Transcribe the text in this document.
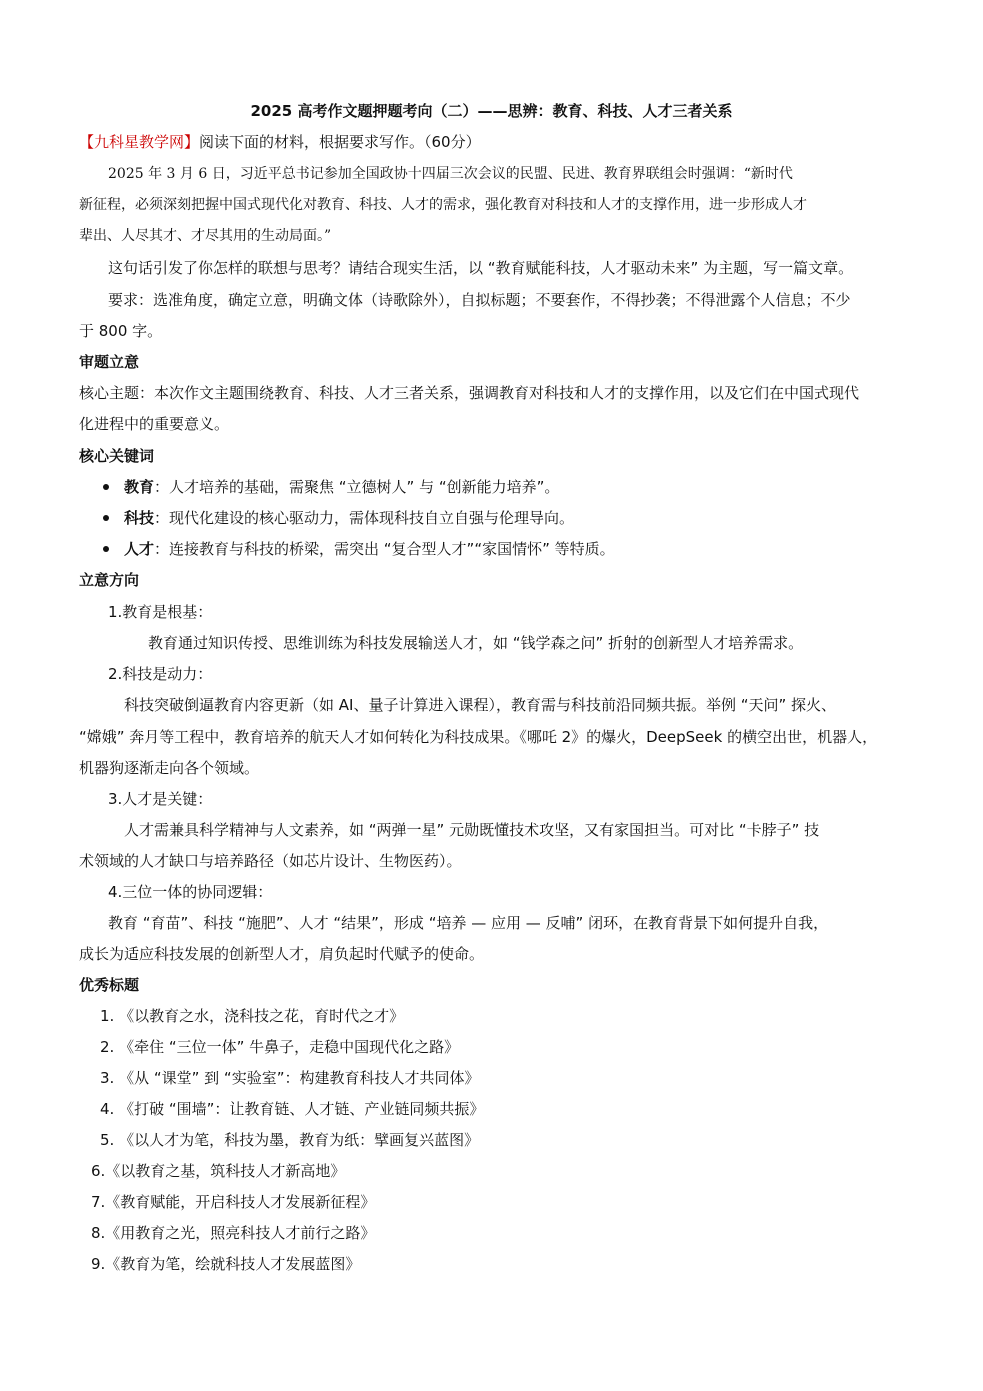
2025 高考作文题押题考向（二）——思辨：教育、科技、人才三者关系
【九科星教学网】阅读下面的材料，根据要求写作。（60分）
2025 年 3 月 6 日，习近平总书记参加全国政协十四届三次会议的民盟、民进、教育界联组会时强调：“新时代
新征程，必须深刻把握中国式现代化对教育、科技、人才的需求，强化教育对科技和人才的支撑作用，进一步形成人才
辈出、人尽其才、才尽其用的生动局面。”
这句话引发了你怎样的联想与思考？请结合现实生活，以 “教育赋能科技，人才驱动未来” 为主题，写一篇文章。
要求：选准角度，确定立意，明确文体（诗歌除外），自拟标题；不要套作，不得抄袭；不得泄露个人信息；不少
于 800 字。
审题立意
核心主题：本次作文主题围绕教育、科技、人才三者关系，强调教育对科技和人才的支撑作用，以及它们在中国式现代
化进程中的重要意义。
核心关键词
教育：人才培养的基础，需聚焦 “立德树人” 与 “创新能力培养”。
科技：现代化建设的核心驱动力，需体现科技自立自强与伦理导向。
人才：连接教育与科技的桥梁，需突出 “复合型人才”“家国情怀” 等特质。
立意方向
1.教育是根基：
教育通过知识传授、思维训练为科技发展输送人才，如 “钱学森之问” 折射的创新型人才培养需求。
2.科技是动力：
科技突破倒逼教育内容更新（如 AI、量子计算进入课程），教育需与科技前沿同频共振。举例 “天问” 探火、
“嫦娥” 奔月等工程中，教育培养的航天人才如何转化为科技成果。《哪吒 2》的爆火，DeepSeek 的横空出世，机器人，
机器狗逐渐走向各个领域。
3.人才是关键：
人才需兼具科学精神与人文素养，如 “两弹一星” 元勋既懂技术攻坚，又有家国担当。可对比 “卡脖子” 技
术领域的人才缺口与培养路径（如芯片设计、生物医药）。
4.三位一体的协同逻辑：
教育 “育苗”、科技 “施肥”、人才 “结果”，形成 “培养 — 应用 — 反哺” 闭环，在教育背景下如何提升自我，
成长为适应科技发展的创新型人才，肩负起时代赋予的使命。
优秀标题
1. 《以教育之水，浇科技之花，育时代之才》
2. 《牵住 “三位一体” 牛鼻子，走稳中国现代化之路》
3. 《从 “课堂” 到 “实验室”：构建教育科技人才共同体》
4. 《打破 “围墙”：让教育链、人才链、产业链同频共振》
5. 《以人才为笔，科技为墨，教育为纸：擘画复兴蓝图》
6.《以教育之基，筑科技人才新高地》
7.《教育赋能，开启科技人才发展新征程》
8.《用教育之光，照亮科技人才前行之路》
9.《教育为笔，绘就科技人才发展蓝图》
